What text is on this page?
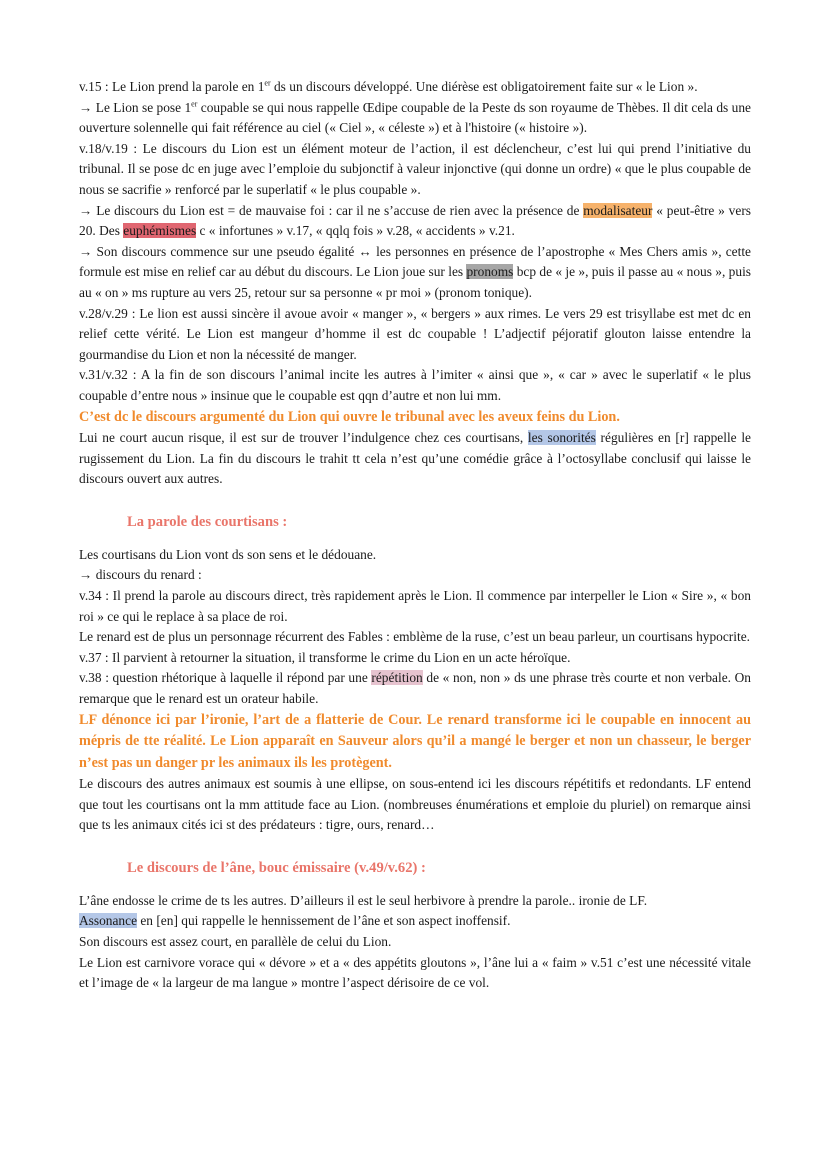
v.15 : Le Lion prend la parole en 1er ds un discours développé. Une diérèse est obligatoirement faite sur « le Lion ».

→ Le Lion se pose 1er coupable se qui nous rappelle Œdipe coupable de la Peste ds son royaume de Thèbes. Il dit cela ds une ouverture solennelle qui fait référence au ciel (« Ciel », « céleste ») et à l'histoire (« histoire »).

v.18/v.19 : Le discours du Lion est un élément moteur de l’action, il est déclencheur, c’est lui qui prend l’initiative du tribunal. Il se pose dc en juge avec l’emploie du subjonctif à valeur injonctive (qui donne un ordre) « que le plus coupable de nous se sacrifie » renforcé par le superlatif « le plus coupable ».

→ Le discours du Lion est = de mauvaise foi : car il ne s’accuse de rien avec la présence de modalisateur « peut-être » vers 20. Des euphémismes c « infortunes » v.17, « qqlq fois » v.28, « accidents » v.21.

→ Son discours commence sur une pseudo égalité ↔ les personnes en présence de l’apostrophe « Mes Chers amis », cette formule est mise en relief car au début du discours. Le Lion joue sur les pronoms bcp de « je », puis il passe au « nous », puis au « on » ms rupture au vers 25, retour sur sa personne « pr moi » (pronom tonique).

v.28/v.29 : Le lion est aussi sincère il avoue avoir « manger », « bergers » aux rimes. Le vers 29 est trisyllabe est met dc en relief cette vérité. Le Lion est mangeur d’homme il est dc coupable ! L’adjectif péjoratif glouton laisse entendre la gourmandise du Lion et non la nécessité de manger.

v.31/v.32 : A la fin de son discours l’animal incite les autres à l’imiter « ainsi que », « car » avec le superlatif « le plus coupable d’entre nous » insinue que le coupable est qqn d’autre et non lui mm.

C’est dc le discours argumenté du Lion qui ouvre le tribunal avec les aveux feins du Lion.

Lui ne court aucun risque, il est sur de trouver l’indulgence chez ces courtisans, les sonorités régulières en [r] rappelle le rugissement du Lion. La fin du discours le trahit tt cela n’est qu’une comédie grâce à l’octosyllabe conclusif qui laisse le discours ouvert aux autres.

La parole des courtisans :

Les courtisans du Lion vont ds son sens et le dédouane.

→ discours du renard :

v.34 : Il prend la parole au discours direct, très rapidement après le Lion. Il commence par interpeller le Lion « Sire », « bon roi » ce qui le replace à sa place de roi.

Le renard est de plus un personnage récurrent des Fables : emblème de la ruse, c’est un beau parleur, un courtisans hypocrite.

v.37 : Il parvient à retourner la situation, il transforme le crime du Lion en un acte héroïque.

v.38 : question rhétorique à laquelle il répond par une répétition de « non, non » ds une phrase très courte et non verbale. On remarque que le renard est un orateur habile.

LF dénonce ici par l’ironie, l’art de a flatterie de Cour. Le renard transforme ici le coupable en innocent au mépris de tte réalité. Le Lion apparaît en Sauveur alors qu’il a mangé le berger et non un chasseur, le berger n’est pas un danger pr les animaux ils les protègent.

Le discours des autres animaux est soumis à une ellipse, on sous-entend ici les discours répétitifs et redondants. LF entend que tout les courtisans ont la mm attitude face au Lion. (nombreuses énumérations et emploie du pluriel) on remarque ainsi que ts les animaux cités ici st des prédateurs : tigre, ours, renard…

Le discours de l’âne, bouc émissaire (v.49/v.62) :

L’âne endosse le crime de ts les autres. D’ailleurs il est le seul herbivore à prendre la parole.. ironie de LF.

Assonance en [en] qui rappelle le hennissement de l’âne et son aspect inoffensif.

Son discours est assez court, en parallèle de celui du Lion.

Le Lion est carnivore vorace qui « dévore » et a « des appétits gloutons », l’âne lui a « faim » v.51 c’est une nécessité vitale et l’image de « la largeur de ma langue » montre l’aspect dérisoire de ce vol.
